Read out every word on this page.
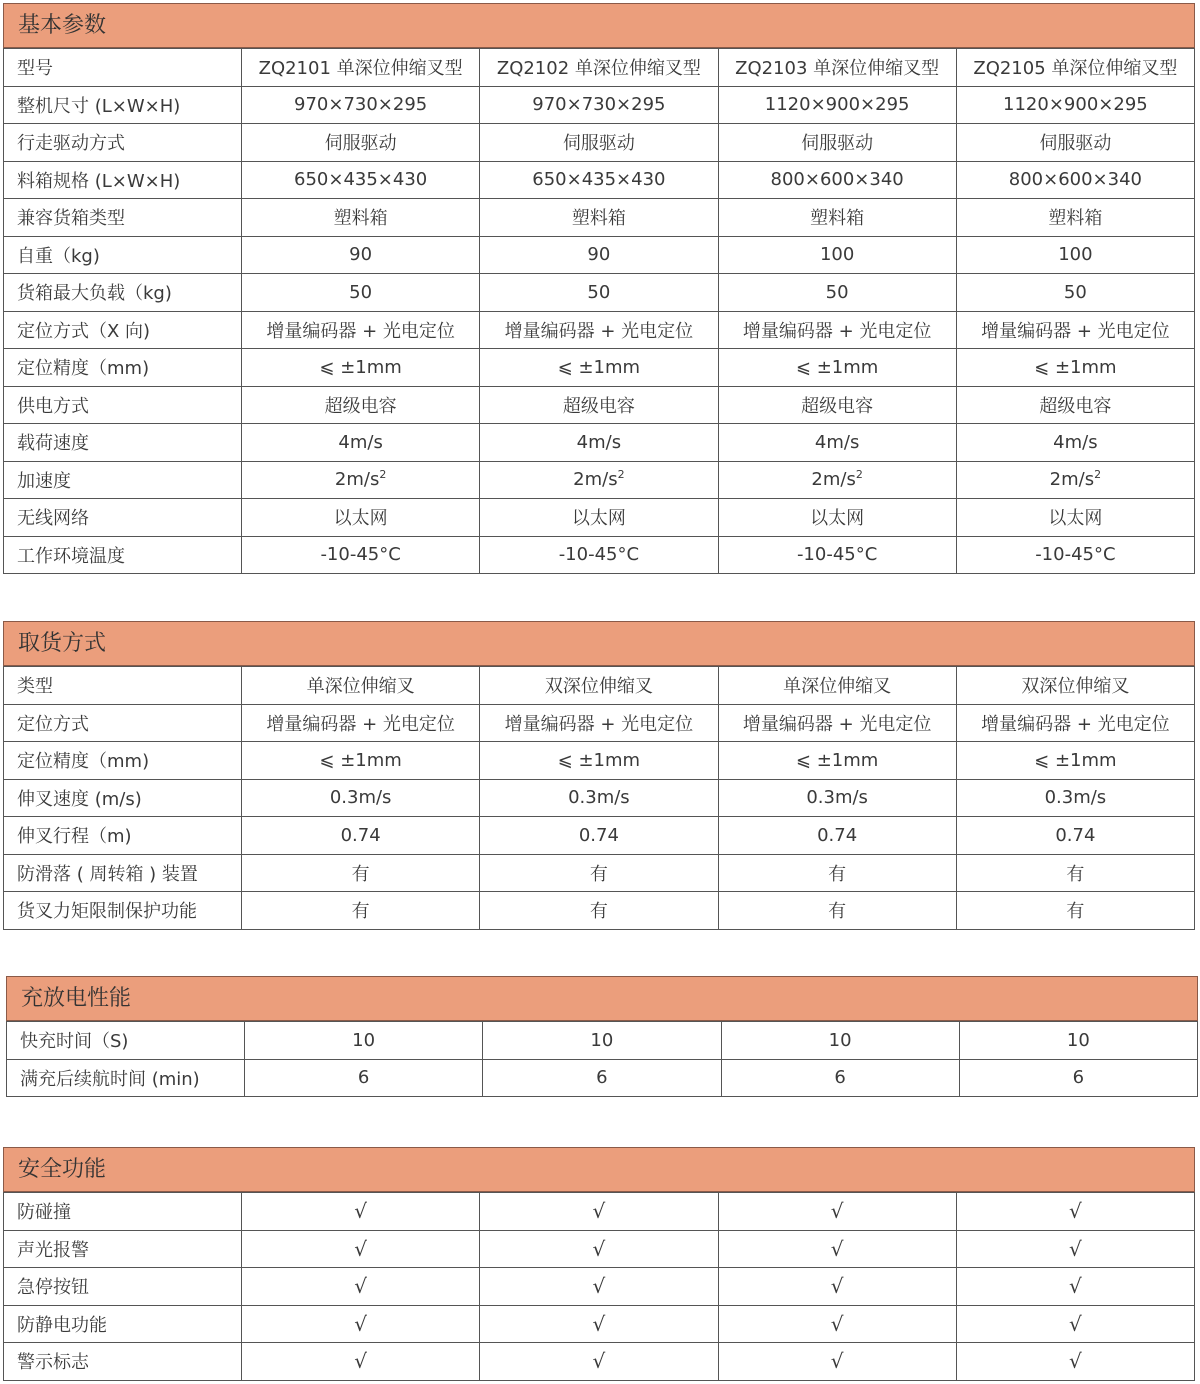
基本参数
型号	ZQ2101 单深位伸缩叉型	ZQ2102 单深位伸缩叉型	ZQ2103 单深位伸缩叉型	ZQ2105 单深位伸缩叉型
整机尺寸 (L×W×H)	970×730×295	970×730×295	1120×900×295	1120×900×295
行走驱动方式	伺服驱动	伺服驱动	伺服驱动	伺服驱动
料箱规格 (L×W×H)	650×435×430	650×435×430	800×600×340	800×600×340
兼容货箱类型	塑料箱	塑料箱	塑料箱	塑料箱
自重（kg)	90	90	100	100
货箱最大负载（kg)	50	50	50	50
定位方式（X 向)	增量编码器 + 光电定位	增量编码器 + 光电定位	增量编码器 + 光电定位	增量编码器 + 光电定位
定位精度（mm)	⩽ ±1mm	⩽ ±1mm	⩽ ±1mm	⩽ ±1mm
供电方式	超级电容	超级电容	超级电容	超级电容
载荷速度	4m/s	4m/s	4m/s	4m/s
加速度	$2m/s^2$	$2m/s^2$	$2m/s^2$	$2m/s^2$
无线网络	以太网	以太网	以太网	以太网
工作环境温度	-10-45°C	-10-45°C	-10-45°C	-10-45°C
取货方式
类型	单深位伸缩叉	双深位伸缩叉	单深位伸缩叉	双深位伸缩叉
定位方式	增量编码器 + 光电定位	增量编码器 + 光电定位	增量编码器 + 光电定位	增量编码器 + 光电定位
定位精度（mm)	⩽ ±1mm	⩽ ±1mm	⩽ ±1mm	⩽ ±1mm
伸叉速度 (m/s)	0.3m/s	0.3m/s	0.3m/s	0.3m/s
伸叉行程（m)	0.74	0.74	0.74	0.74
防滑落 ( 周转箱 ) 装置	有	有	有	有
货叉力矩限制保护功能	有	有	有	有
充放电性能
快充时间（S)	10	10	10	10
满充后续航时间 (min)	6	6	6	6
安全功能
防碰撞	√	√	√	√
声光报警	√	√	√	√
急停按钮	√	√	√	√
防静电功能	√	√	√	√
警示标志	√	√	√	√
